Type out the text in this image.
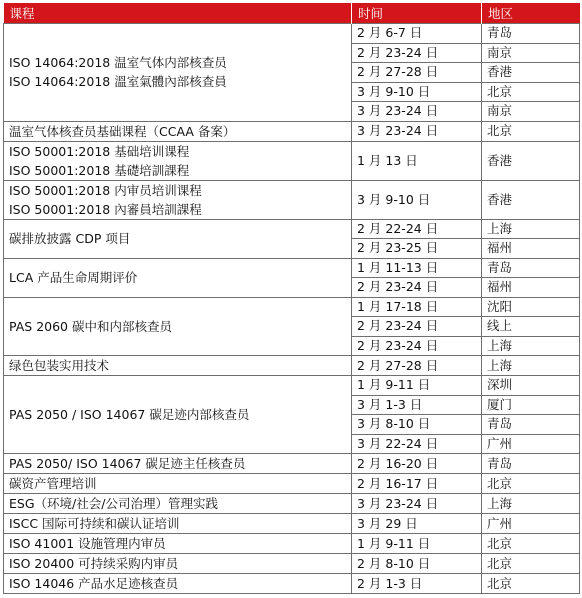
课程	时间	地区

ISO 14064:2018 温室气体内部核查员
ISO 14064:2018 溫室氣體內部核查員	2 月 6-7 日	青岛
	2 月 23-24 日	南京
	2 月 27-28 日	香港
	3 月 9-10 日	北京
	3 月 23-24 日	南京

温室气体核查员基础课程（CCAA 备案）	3 月 23-24 日	北京

ISO 50001:2018 基础培训课程
ISO 50001:2018 基礎培訓課程	1 月 13 日	香港

ISO 50001:2018 内审员培训课程
ISO 50001:2018 內審員培訓課程	3 月 9-10 日	香港

碳排放披露 CDP 项目	2 月 22-24 日	上海
	2 月 23-25 日	福州

LCA 产品生命周期评价	1 月 11-13 日	青岛
	2 月 23-24 日	福州

PAS 2060 碳中和内部核查员	1 月 17-18 日	沈阳
	2 月 23-24 日	线上
	2 月 23-24 日	上海

绿色包装实用技术	2 月 27-28 日	上海

PAS 2050 / ISO 14067 碳足迹内部核查员	1 月 9-11 日	深圳
	3 月 1-3 日	厦门
	3 月 8-10 日	青岛
	3 月 22-24 日	广州

PAS 2050/ ISO 14067 碳足迹主任核查员	2 月 16-20 日	青岛

碳资产管理培训	2 月 16-17 日	北京

ESG（环境/社会/公司治理）管理实践	3 月 23-24 日	上海

ISCC 国际可持续和碳认证培训	3 月 29 日	广州

ISO 41001 设施管理内审员	1 月 9-11 日	北京

ISO 20400 可持续采购内审员	2 月 8-10 日	北京

ISO 14046 产品水足迹核查员	2 月 1-3 日	北京
